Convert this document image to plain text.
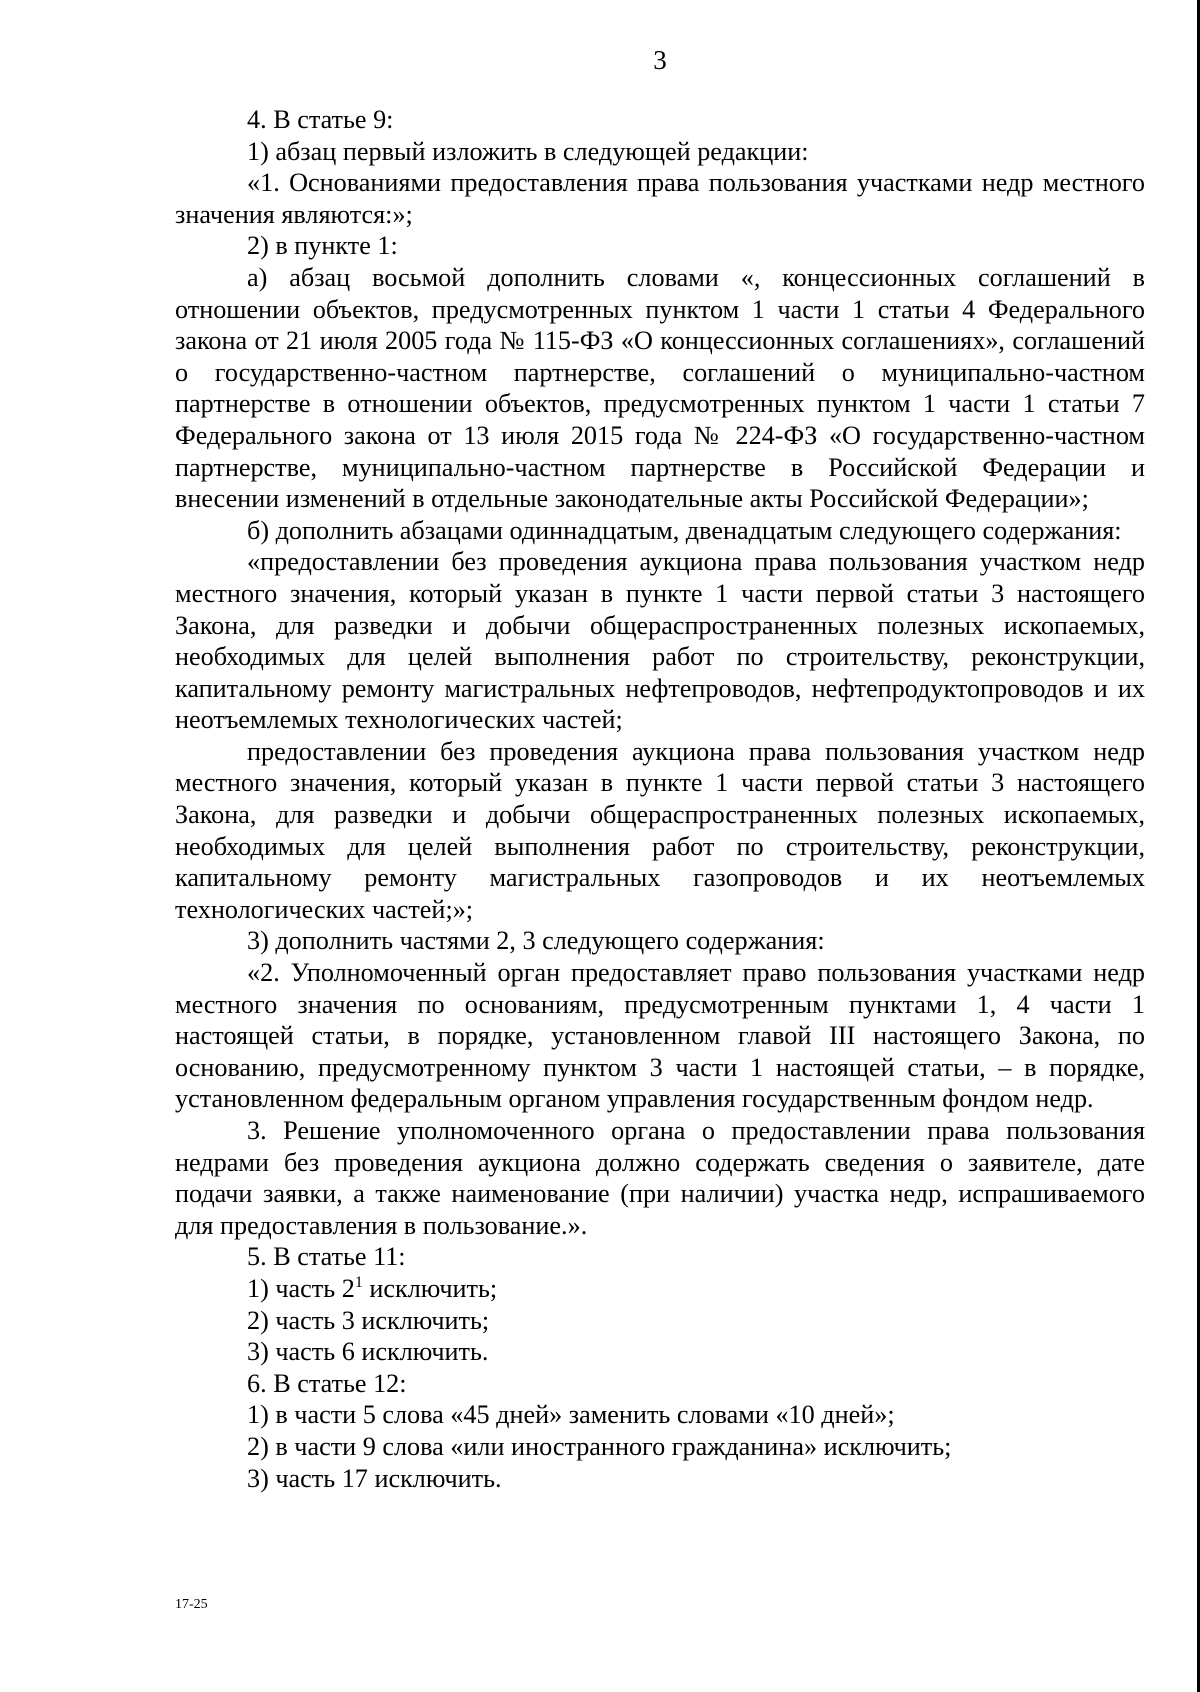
3

4. В статье 9:

1) абзац первый изложить в следующей редакции:

«1. Основаниями предоставления права пользования участками недр местного значения являются:»;

2) в пункте 1:

а) абзац восьмой дополнить словами «, концессионных соглашений в отношении объектов, предусмотренных пунктом 1 части 1 статьи 4 Федерального закона от 21 июля 2005 года № 115-ФЗ «О концессионных соглашениях», соглашений о государственно-частном партнерстве, соглашений о муниципально-частном партнерстве в отношении объектов, предусмотренных пунктом 1 части 1 статьи 7 Федерального закона от 13 июля 2015 года № 224-ФЗ «О государственно-частном партнерстве, муниципально-частном партнерстве в Российской Федерации и внесении изменений в отдельные законодательные акты Российской Федерации»;

б) дополнить абзацами одиннадцатым, двенадцатым следующего содержания:

«предоставлении без проведения аукциона права пользования участком недр местного значения, который указан в пункте 1 части первой статьи 3 настоящего Закона, для разведки и добычи общераспространенных полезных ископаемых, необходимых для целей выполнения работ по строительству, реконструкции, капитальному ремонту магистральных нефтепроводов, нефтепродуктопроводов и их неотъемлемых технологических частей;

предоставлении без проведения аукциона права пользования участком недр местного значения, который указан в пункте 1 части первой статьи 3 настоящего Закона, для разведки и добычи общераспространенных полезных ископаемых, необходимых для целей выполнения работ по строительству, реконструкции, капитальному ремонту магистральных газопроводов и их неотъемлемых технологических частей;»;

3) дополнить частями 2, 3 следующего содержания:

«2. Уполномоченный орган предоставляет право пользования участками недр местного значения по основаниям, предусмотренным пунктами 1, 4 части 1 настоящей статьи, в порядке, установленном главой III настоящего Закона, по основанию, предусмотренному пунктом 3 части 1 настоящей статьи, – в порядке, установленном федеральным органом управления государственным фондом недр.

3. Решение уполномоченного органа о предоставлении права пользования недрами без проведения аукциона должно содержать сведения о заявителе, дате подачи заявки, а также наименование (при наличии) участка недр, испрашиваемого для предоставления в пользование.».

5. В статье 11:

1) часть $2^1$ исключить;

2) часть 3 исключить;

3) часть 6 исключить.

6. В статье 12:

1) в части 5 слова «45 дней» заменить словами «10 дней»;

2) в части 9 слова «или иностранного гражданина» исключить;

3) часть 17 исключить.

17-25
